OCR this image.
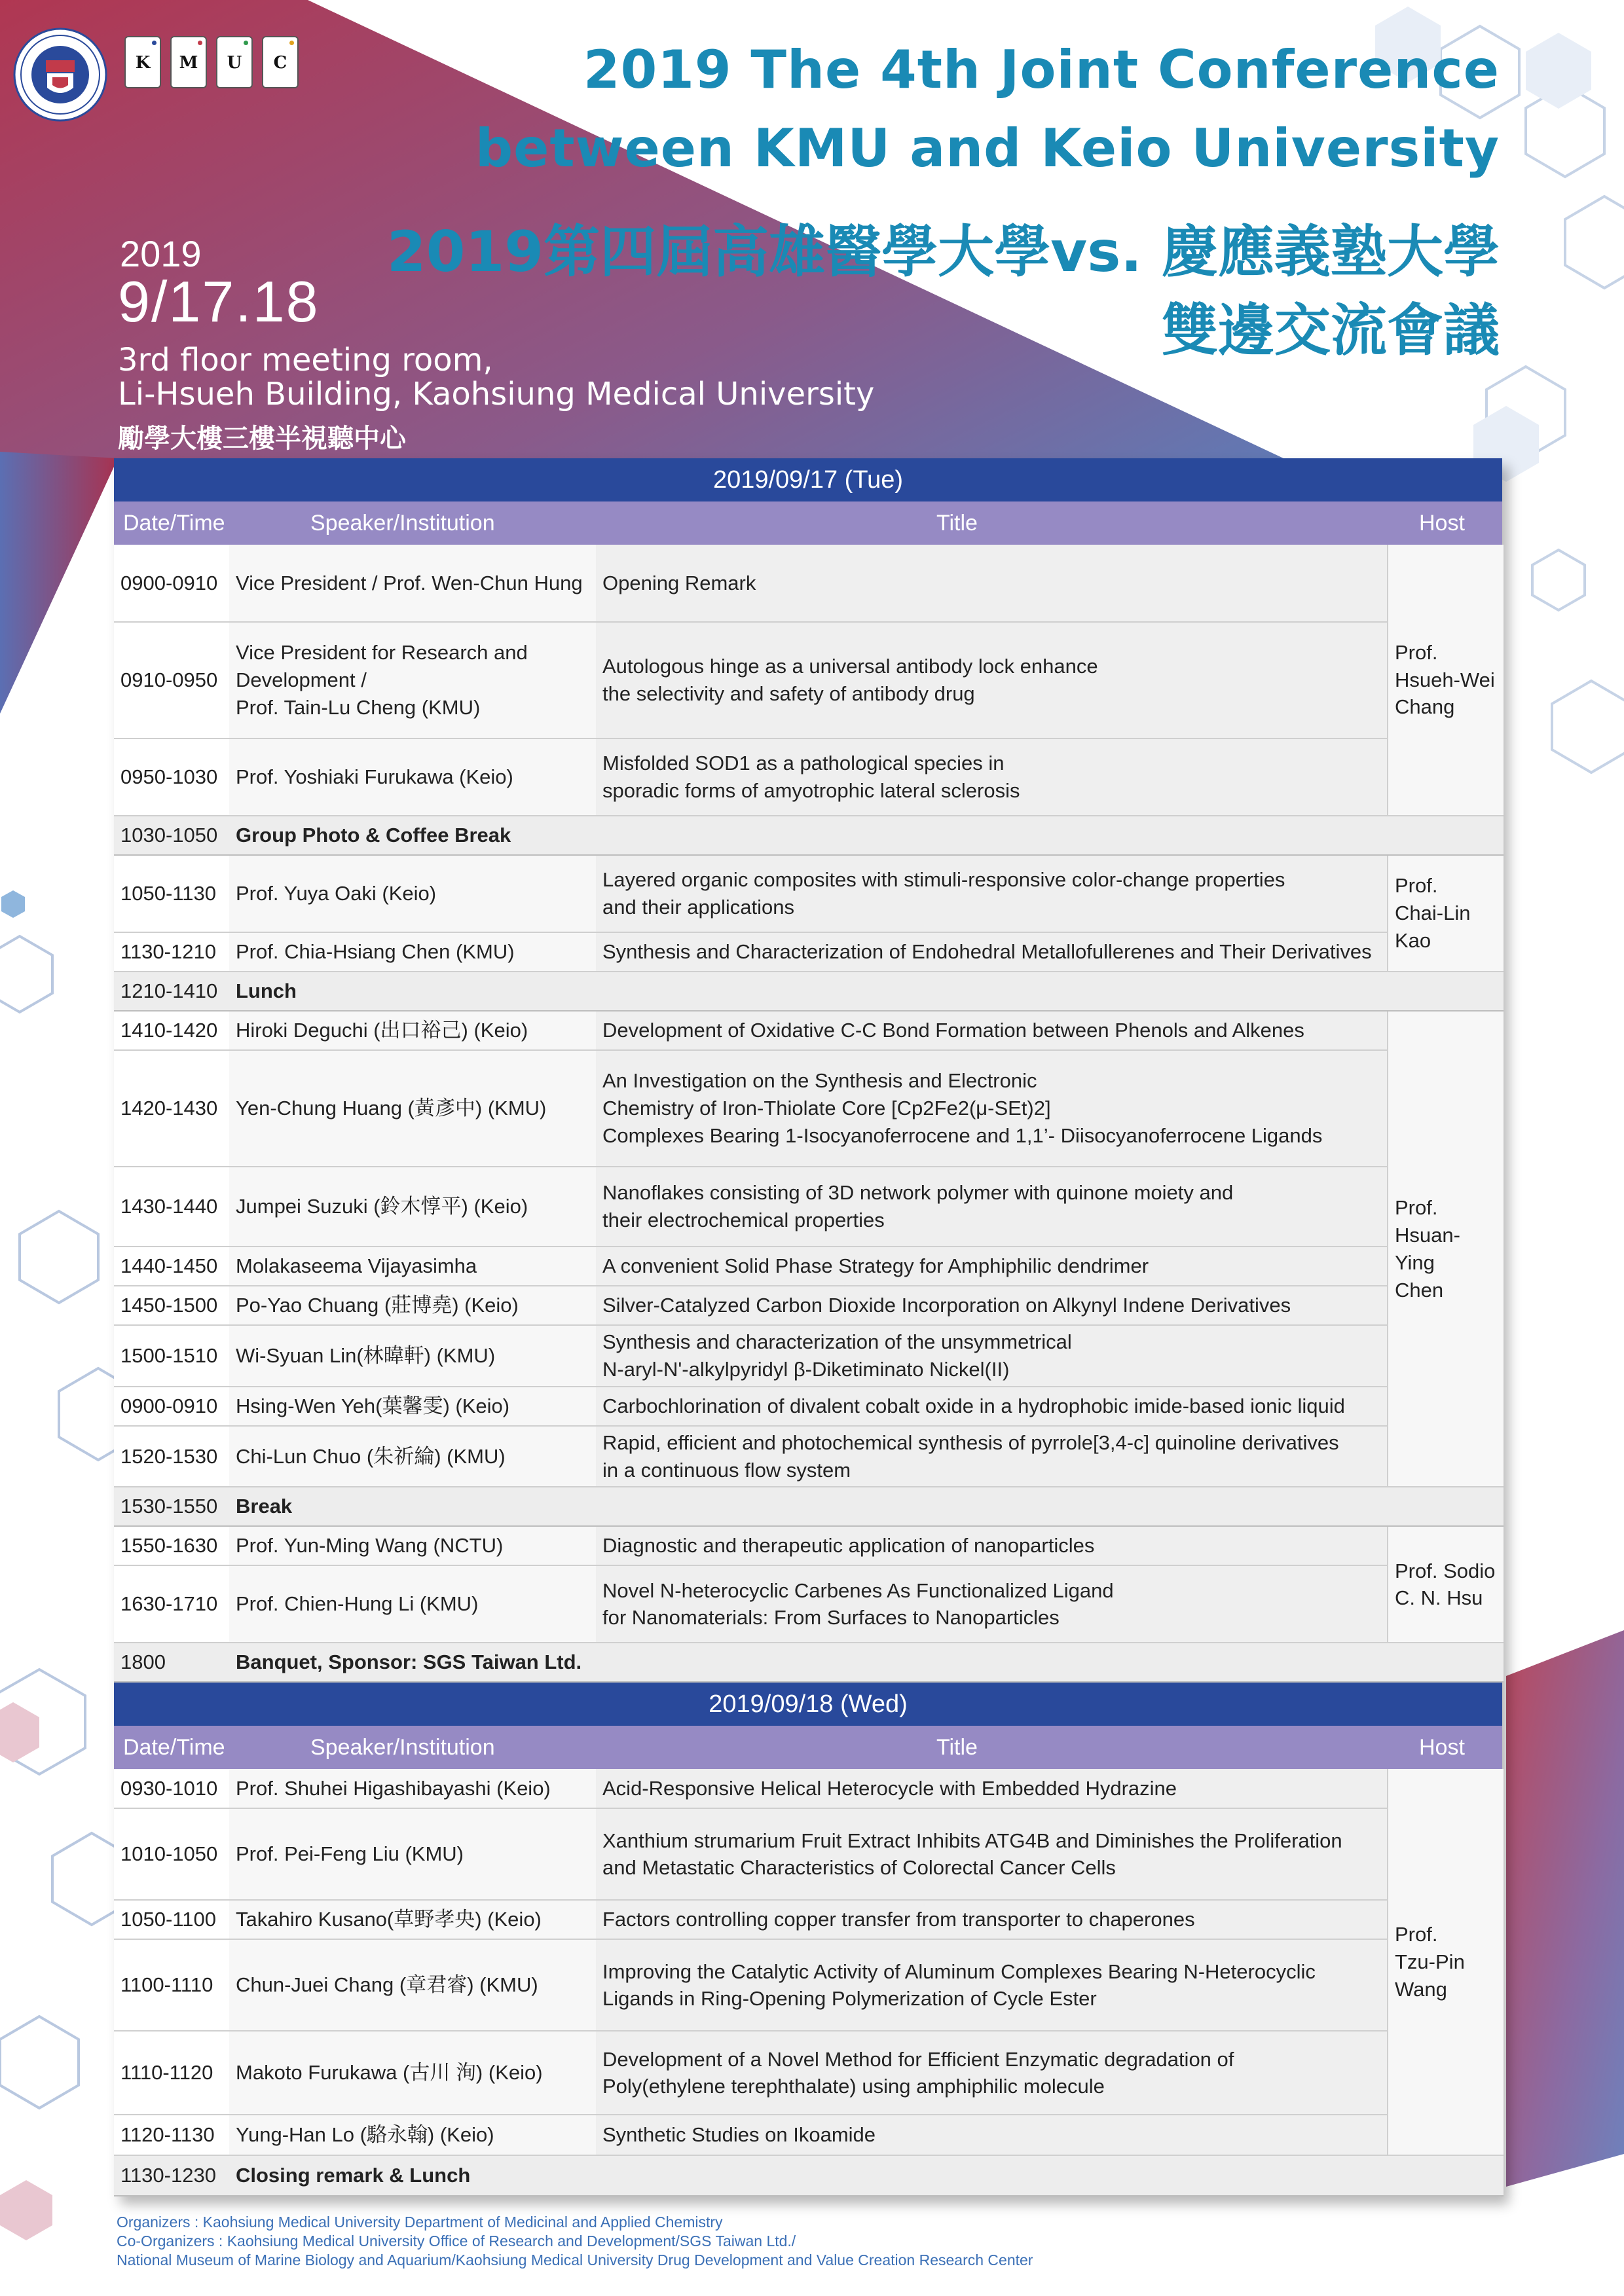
K	M	U	C	2019 The 4th Joint Conference
between KMU and Keio University
2019第四屆高雄醫學大學vs. 慶應義塾大學
雙邊交流會議
2019
9/17.18
3rd floor meeting room,
Li-Hsueh Building, Kaohsiung Medical University
勵學大樓三樓半視聽中心
2019/09/17 (Tue)
Date/Time	Speaker/Institution	Title	Host
0900-0910	Vice President / Prof. Wen-Chun Hung	Opening Remark	Prof.
Hsueh-Wei
Chang
0910-0950	Vice President for Research and
Development /
Prof. Tain-Lu Cheng (KMU)	Autologous hinge as a universal antibody lock enhance
the selectivity and safety of antibody drug	
0950-1030	Prof. Yoshiaki Furukawa (Keio)	Misfolded SOD1 as a pathological species in
sporadic forms of amyotrophic lateral sclerosis	
1030-1050	Group Photo & Coffee Break		
1050-1130	Prof. Yuya Oaki (Keio)	Layered organic composites with stimuli-responsive color-change properties
and their applications	Prof.
Chai-Lin
Kao
1130-1210	Prof. Chia-Hsiang Chen (KMU)	Synthesis and Characterization of Endohedral Metallofullerenes and Their Derivatives	
1210-1410	Lunch		
1410-1420	Hiroki Deguchi (出口裕己) (Keio)	Development of Oxidative C-C Bond Formation between Phenols and Alkenes	Prof.
Hsuan-Ying
Chen
1420-1430	Yen-Chung Huang (黃彥中) (KMU)	An Investigation on the Synthesis and Electronic
Chemistry of Iron-Thiolate Core [Cp2Fe2(μ-SEt)2]
Complexes Bearing 1-Isocyanoferrocene and 1,1’- Diisocyanoferrocene Ligands	
1430-1440	Jumpei Suzuki (鈴木惇平) (Keio)	Nanoflakes consisting of 3D network polymer with quinone moiety and
their electrochemical properties	
1440-1450	Molakaseema Vijayasimha	A convenient Solid Phase Strategy for Amphiphilic dendrimer	
1450-1500	Po-Yao Chuang (莊博堯) (Keio)	Silver-Catalyzed Carbon Dioxide Incorporation on Alkynyl Indene Derivatives	
1500-1510	Wi-Syuan Lin(林暐軒) (KMU)	Synthesis and characterization of the unsymmetrical
N-aryl-N'-alkylpyridyl β-Diketiminato Nickel(II)	
0900-0910	Hsing-Wen Yeh(葉馨雯) (Keio)	Carbochlorination of divalent cobalt oxide in a hydrophobic imide-based ionic liquid	
1520-1530	Chi-Lun Chuo (朱祈綸) (KMU)	Rapid, efficient and photochemical synthesis of pyrrole[3,4-c] quinoline derivatives
in a continuous flow system	
1530-1550	Break		
1550-1630	Prof. Yun-Ming Wang (NCTU)	Diagnostic and therapeutic application of nanoparticles	Prof. Sodio
C. N. Hsu
1630-1710	Prof. Chien-Hung Li (KMU)	Novel N-heterocyclic Carbenes As Functionalized Ligand
for Nanomaterials: From Surfaces to Nanoparticles	
1800	Banquet, Sponsor: SGS Taiwan Ltd.		
2019/09/18 (Wed)
Date/Time	Speaker/Institution	Title	Host
0930-1010	Prof. Shuhei Higashibayashi (Keio)	Acid-Responsive Helical Heterocycle with Embedded Hydrazine	Prof.
Tzu-Pin
Wang
1010-1050	Prof. Pei-Feng Liu (KMU)	Xanthium strumarium Fruit Extract Inhibits ATG4B and Diminishes the Proliferation
and Metastatic Characteristics of Colorectal Cancer Cells	
1050-1100	Takahiro Kusano(草野孝央) (Keio)	Factors controlling copper transfer from transporter to chaperones	
1100-1110	Chun-Juei Chang (章君睿) (KMU)	Improving the Catalytic Activity of Aluminum Complexes Bearing N-Heterocyclic
Ligands in Ring-Opening Polymerization of Cycle Ester	
1110-1120	Makoto Furukawa (古川 洵) (Keio)	Development of a Novel Method for Efficient Enzymatic degradation of
Poly(ethylene terephthalate) using amphiphilic molecule	
1120-1130	Yung-Han Lo (駱永翰) (Keio)	Synthetic Studies on Ikoamide	
1130-1230	Closing remark & Lunch		
Organizers : Kaohsiung Medical University Department of Medicinal and Applied Chemistry
Co-Organizers : Kaohsiung Medical University Office of Research and Development/SGS Taiwan Ltd./
National Museum of Marine Biology and Aquarium/Kaohsiung Medical University Drug Development and Value Creation Research Center
